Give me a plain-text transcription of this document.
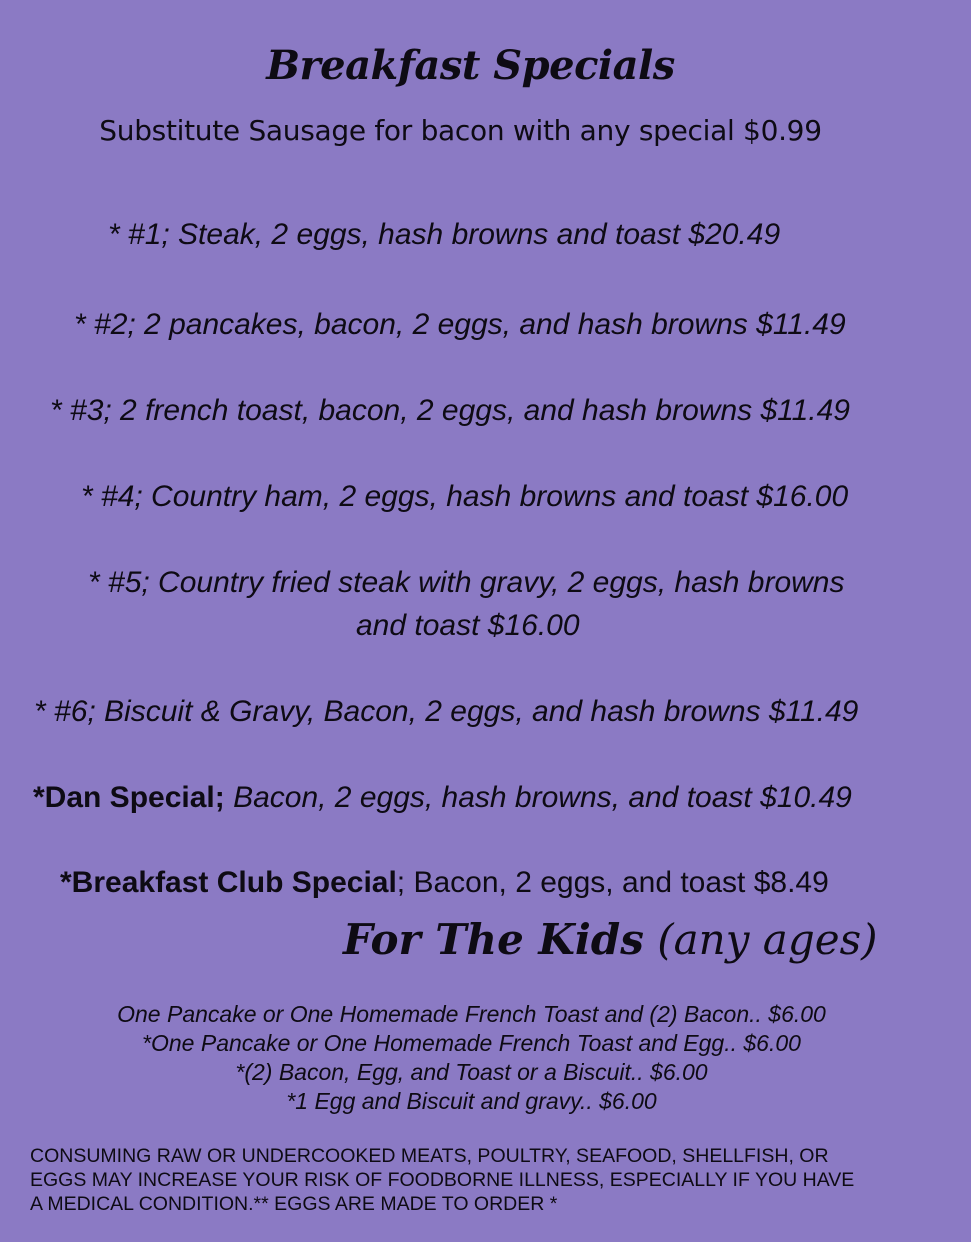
Breakfast Specials
Substitute Sausage for bacon with any special $0.99
* #1; Steak, 2 eggs, hash browns and toast $20.49
* #2; 2 pancakes, bacon, 2 eggs, and hash browns $11.49
* #3; 2 french toast, bacon, 2 eggs, and hash browns $11.49
* #4; Country ham, 2 eggs, hash browns and toast $16.00
* #5; Country fried steak with gravy, 2 eggs, hash browns
and toast $16.00
* #6; Biscuit & Gravy, Bacon, 2 eggs, and hash browns $11.49
*Dan Special; Bacon, 2 eggs, hash browns, and toast $10.49
*Breakfast Club Special; Bacon, 2 eggs, and toast $8.49
For The Kids (any ages)
One Pancake or One Homemade French Toast and (2) Bacon.. $6.00
*One Pancake or One Homemade French Toast and Egg.. $6.00
*(2) Bacon, Egg, and Toast or a Biscuit.. $6.00
*1 Egg and Biscuit and gravy.. $6.00
CONSUMING RAW OR UNDERCOOKED MEATS, POULTRY, SEAFOOD, SHELLFISH, OR
EGGS MAY INCREASE YOUR RISK OF FOODBORNE ILLNESS, ESPECIALLY IF YOU HAVE
A MEDICAL CONDITION.** EGGS ARE MADE TO ORDER *
